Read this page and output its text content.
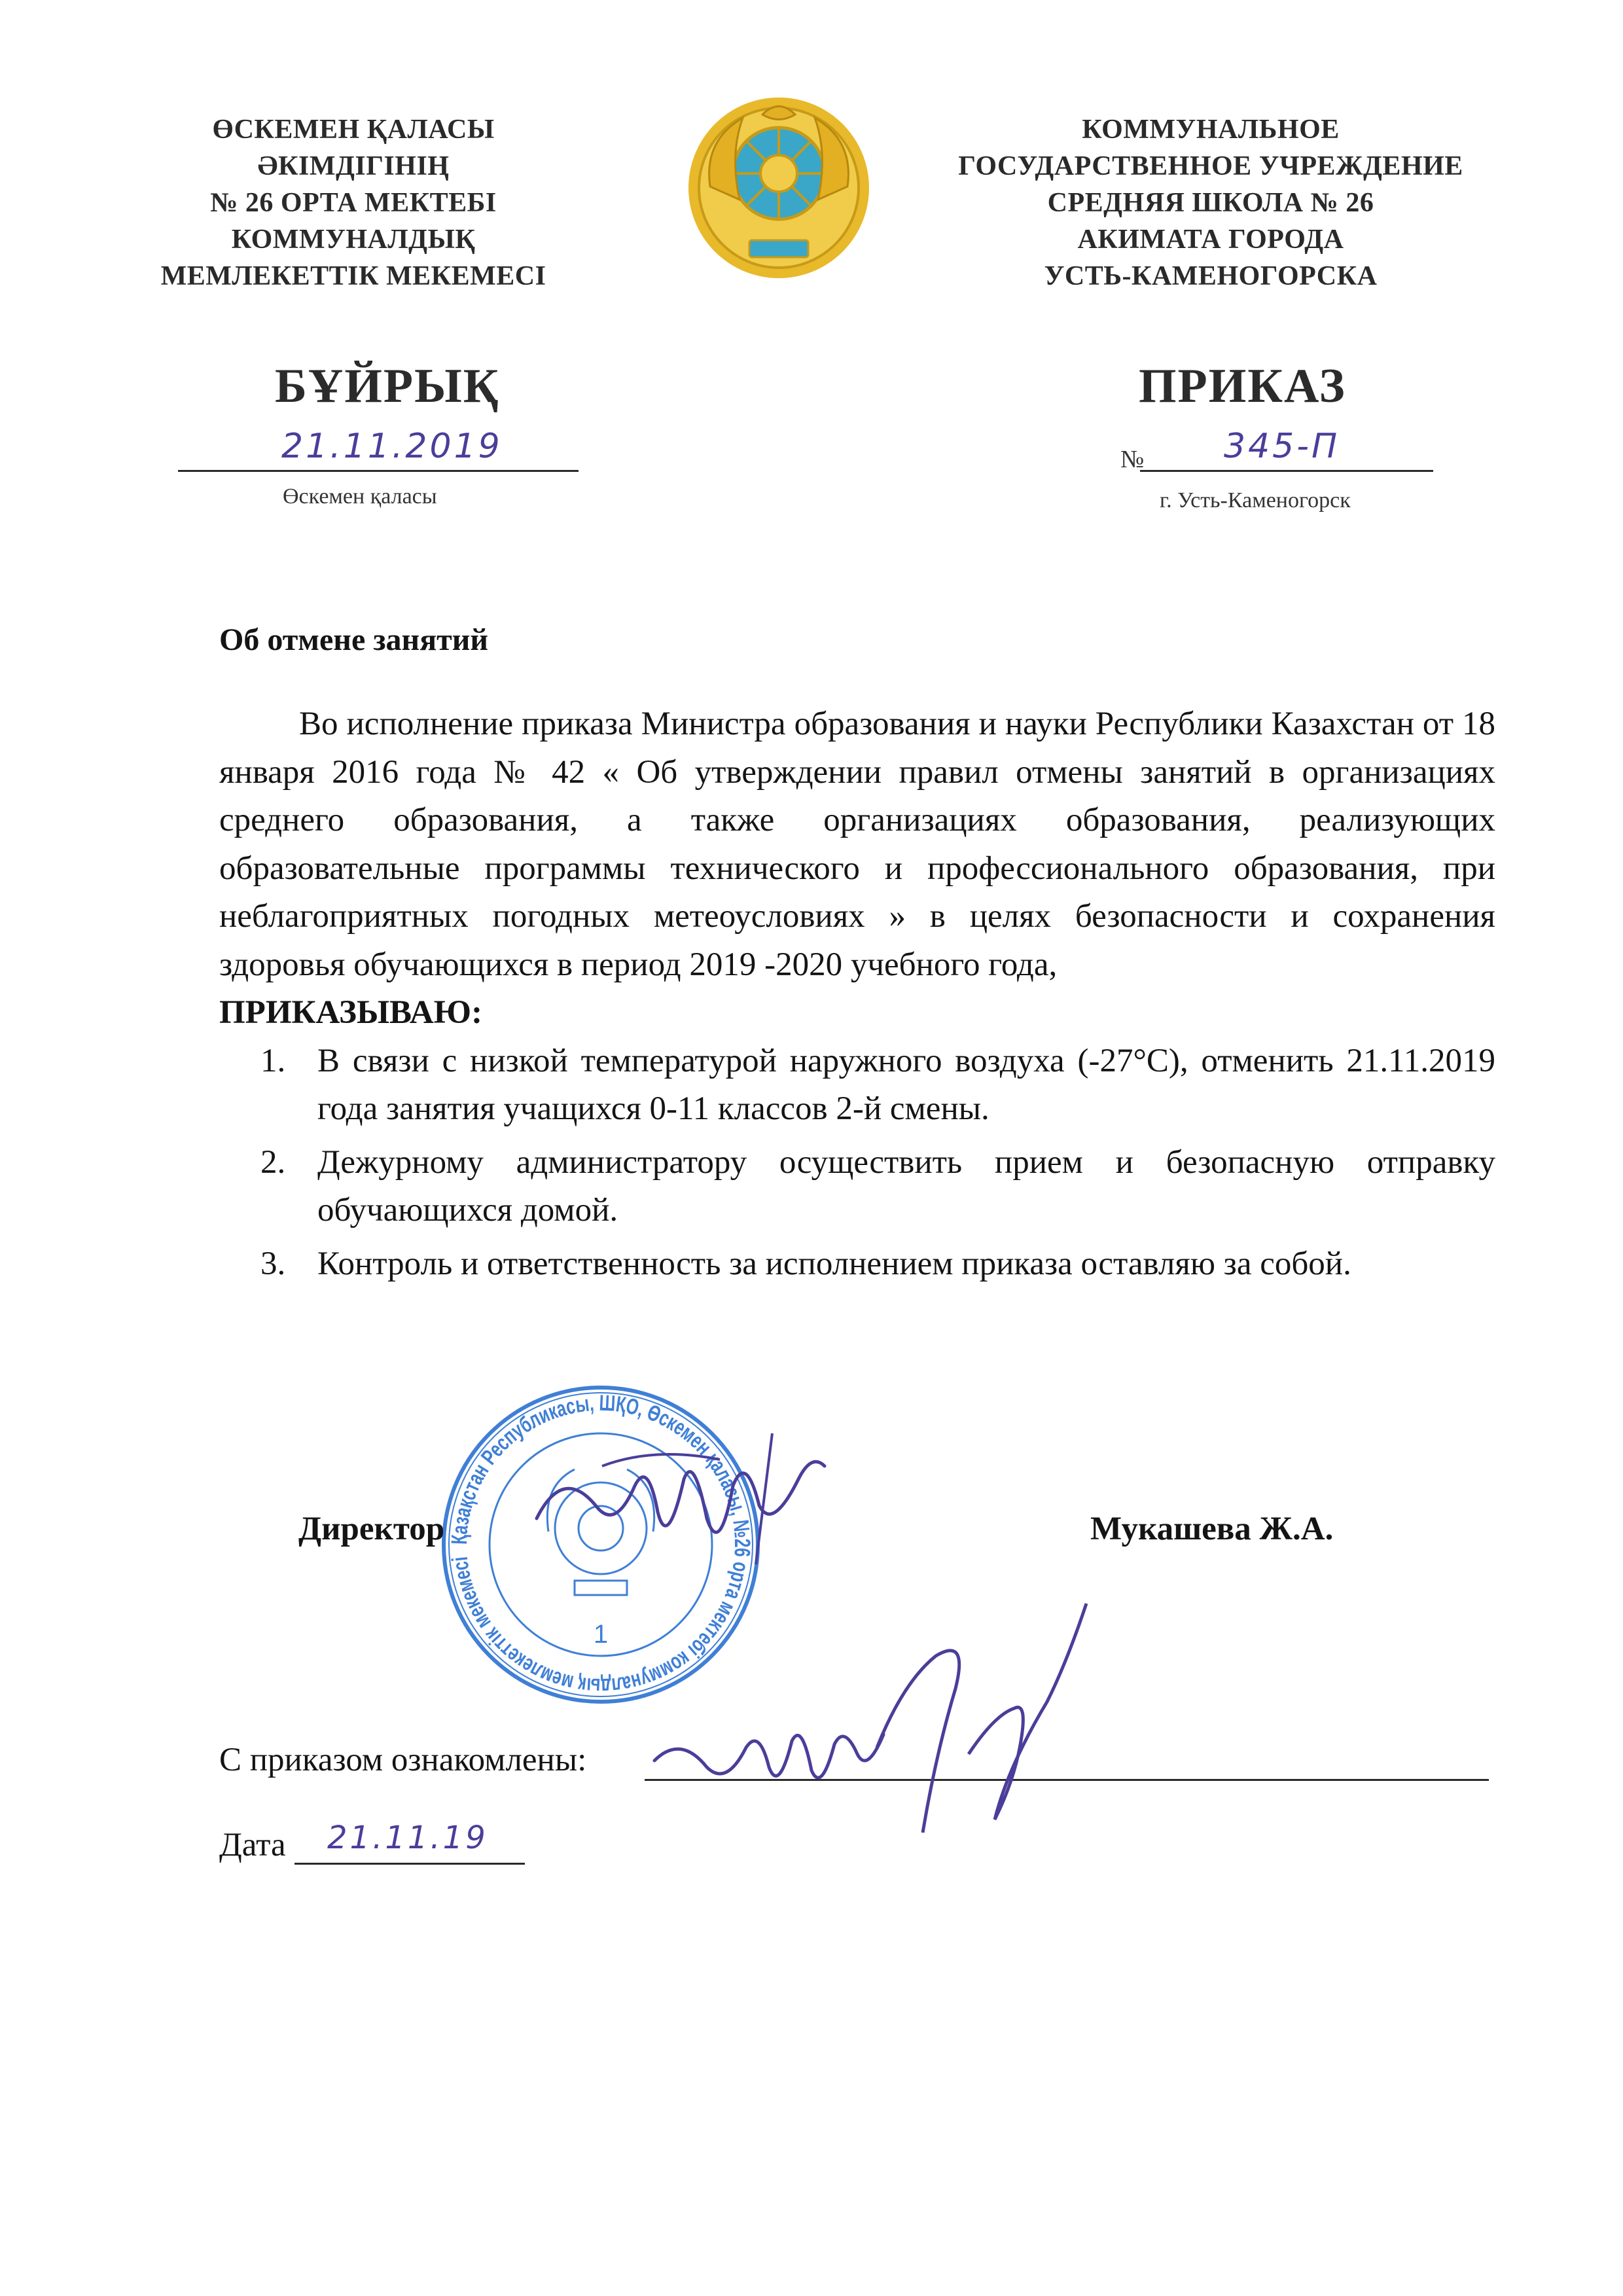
ӨСКЕМЕН ҚАЛАСЫ
ӘКІМДІГІНІҢ
№ 26 ОРТА МЕКТЕБІ
КОММУНАЛДЫҚ
МЕМЛЕКЕТТІК МЕКЕМЕСІ
КОММУНАЛЬНОЕ
ГОСУДАРСТВЕННОЕ УЧРЕЖДЕНИЕ
СРЕДНЯЯ ШКОЛА № 26
АКИМАТА ГОРОДА
УСТЬ-КАМЕНОГОРСКА
БҰЙРЫҚ	ПРИКАЗ
21.11.2019
Өскемен қаласы
№ 345-П
г. Усть-Каменогорск
Об отмене занятий
Во исполнение приказа Министра образования и науки Республики Казахстан от 18 января 2016 года № 42 « Об утверждении правил отмены занятий в организациях среднего образования, а также организациях образования, реализующих образовательные программы технического и профессионального образования, при неблагоприятных погодных метеоусловиях » в целях безопасности и сохранения здоровья обучающихся в период 2019 -2020 учебного года,
ПРИКАЗЫВАЮ:
1. В связи с низкой температурой наружного воздуха (-27°С), отменить 21.11.2019 года занятия учащихся 0-11 классов 2-й смены.
2. Дежурному администратору осуществить прием и безопасную отправку обучающихся домой.
3. Контроль и ответственность за исполнением приказа оставляю за собой.
Қазақстан Республикасы, ШҚО, Өскемен қаласы, №26 орта мектебі коммуналдық мемлекеттік мекемесі
1
Директор	Мукашева Ж.А.
С приказом ознакомлены:
Дата 21.11.19
